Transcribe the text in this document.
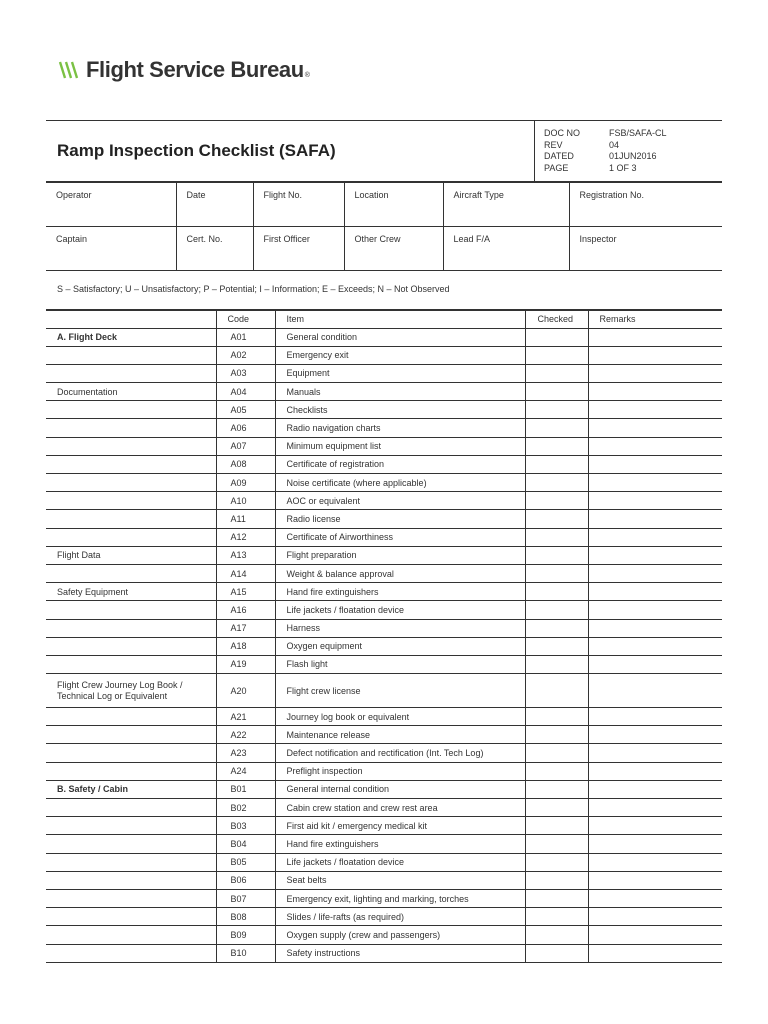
Flight Service Bureau ®
Ramp Inspection Checklist (SAFA)
DOC NO	FSB/SAFA-CL
REV	04
DATED	01JUN2016
PAGE	1 OF 3
Operator	Date	Flight No.	Location	Aircraft Type	Registration No.
Captain	Cert. No.	First Officer	Other Crew	Lead F/A	Inspector
S – Satisfactory; U – Unsatisfactory; P – Potential; I – Information; E – Exceeds; N – Not Observed
	Code	Item	Checked	Remarks
A. Flight Deck	A01	General condition		
	A02	Emergency exit		
	A03	Equipment		
Documentation	A04	Manuals		
	A05	Checklists		
	A06	Radio navigation charts		
	A07	Minimum equipment list		
	A08	Certificate of registration		
	A09	Noise certificate (where applicable)		
	A10	AOC or equivalent		
	A11	Radio license		
	A12	Certificate of Airworthiness		
Flight Data	A13	Flight preparation		
	A14	Weight & balance approval		
Safety Equipment	A15	Hand fire extinguishers		
	A16	Life jackets / floatation device		
	A17	Harness		
	A18	Oxygen equipment		
	A19	Flash light		
Flight Crew Journey Log Book / Technical Log or Equivalent	A20	Flight crew license		
	A21	Journey log book or equivalent		
	A22	Maintenance release		
	A23	Defect notification and rectification (Int. Tech Log)		
	A24	Preflight inspection		
B. Safety / Cabin	B01	General internal condition		
	B02	Cabin crew station and crew rest area		
	B03	First aid kit / emergency medical kit		
	B04	Hand fire extinguishers		
	B05	Life jackets / floatation device		
	B06	Seat belts		
	B07	Emergency exit, lighting and marking, torches		
	B08	Slides / life-rafts (as required)		
	B09	Oxygen supply (crew and passengers)		
	B10	Safety instructions		
